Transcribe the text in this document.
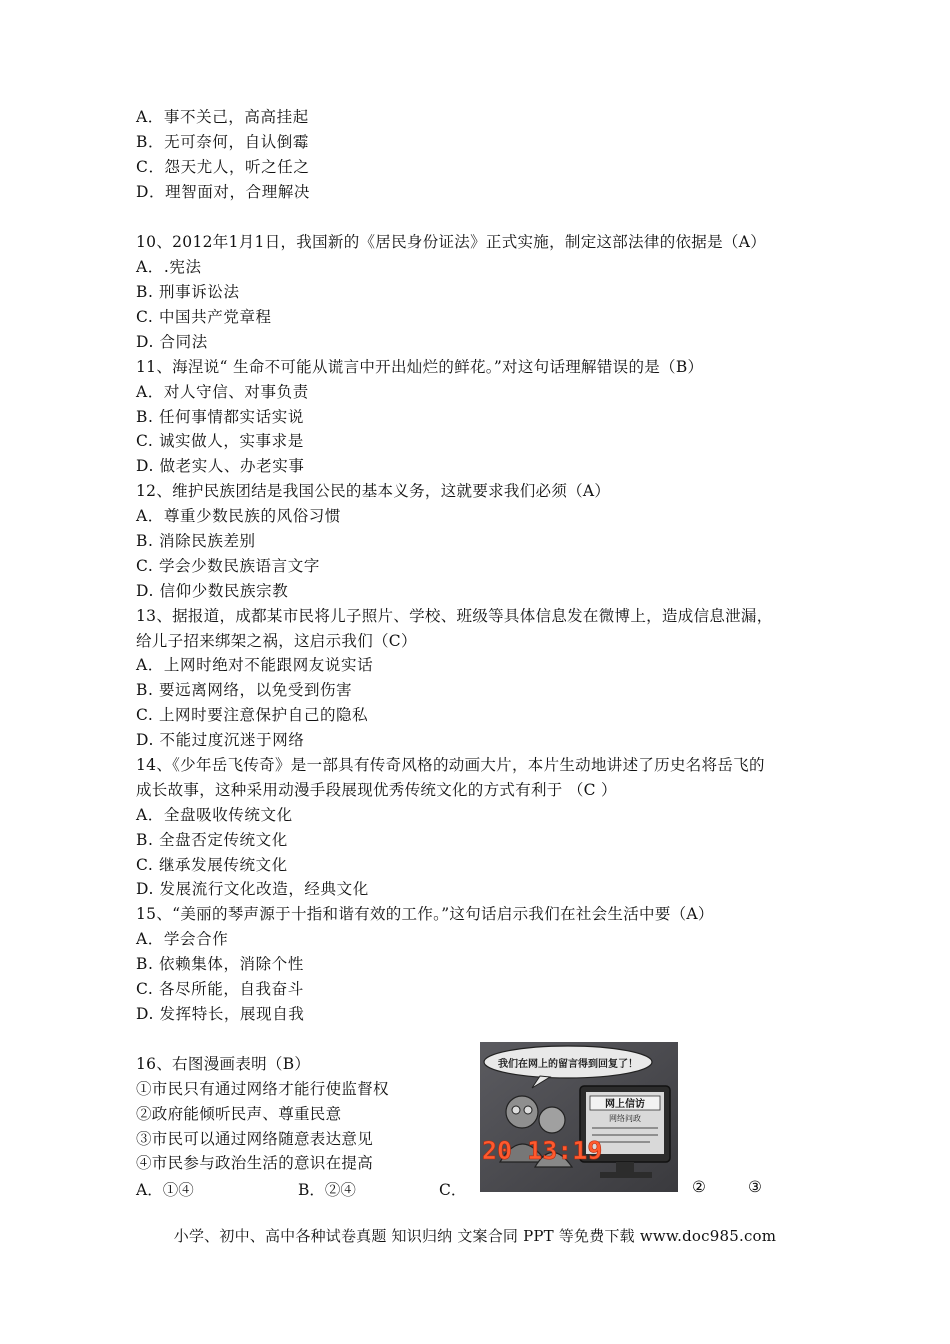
A．事不关己，高高挂起
B．无可奈何，自认倒霉
C．怨天尤人，听之任之
D．理智面对，合理解决
10、2012年1月1日，我国新的《居民身份证法》正式实施，制定这部法律的依据是（A）
A．.宪法
B. 刑事诉讼法
C. 中国共产党章程
D. 合同法
11、海涅说“ 生命不可能从谎言中开出灿烂的鲜花。”对这句话理解错误的是（B）
A．对人守信、对事负责
B. 任何事情都实话实说
C. 诚实做人，实事求是
D. 做老实人、办老实事
12、维护民族团结是我国公民的基本义务，这就要求我们必须（A）
A．尊重少数民族的风俗习惯
B. 消除民族差别
C. 学会少数民族语言文字
D. 信仰少数民族宗教
13、据报道，成都某市民将儿子照片、学校、班级等具体信息发在微博上，造成信息泄漏，
给儿子招来绑架之祸，这启示我们（C）
A．上网时绝对不能跟网友说实话
B. 要远离网络，以免受到伤害
C. 上网时要注意保护自己的隐私
D. 不能过度沉迷于网络
14、《少年岳飞传奇》是一部具有传奇风格的动画大片，本片生动地讲述了历史名将岳飞的
成长故事，这种采用动漫手段展现优秀传统文化的方式有利于 （C ）
A．全盘吸收传统文化
B. 全盘否定传统文化
C. 继承发展传统文化
D. 发展流行文化改造，经典文化
15、“美丽的琴声源于十指和谐有效的工作。”这句话启示我们在社会生活中要（A）
A．学会合作
B. 依赖集体，消除个性
C. 各尽所能，自我奋斗
D. 发挥特长，展现自我
16、右图漫画表明（B）
①市民只有通过网络才能行使监督权
②政府能倾听民声、尊重民意
③市民可以通过网络随意表达意见
④市民参与政治生活的意识在提高
A．①④	B．②④	C．	②	③
我们在网上的留言得到回复了！
网上信访
网络问政
20 13:19
小学、初中、高中各种试卷真题 知识归纳 文案合同 PPT 等免费下载 www.doc985.com
